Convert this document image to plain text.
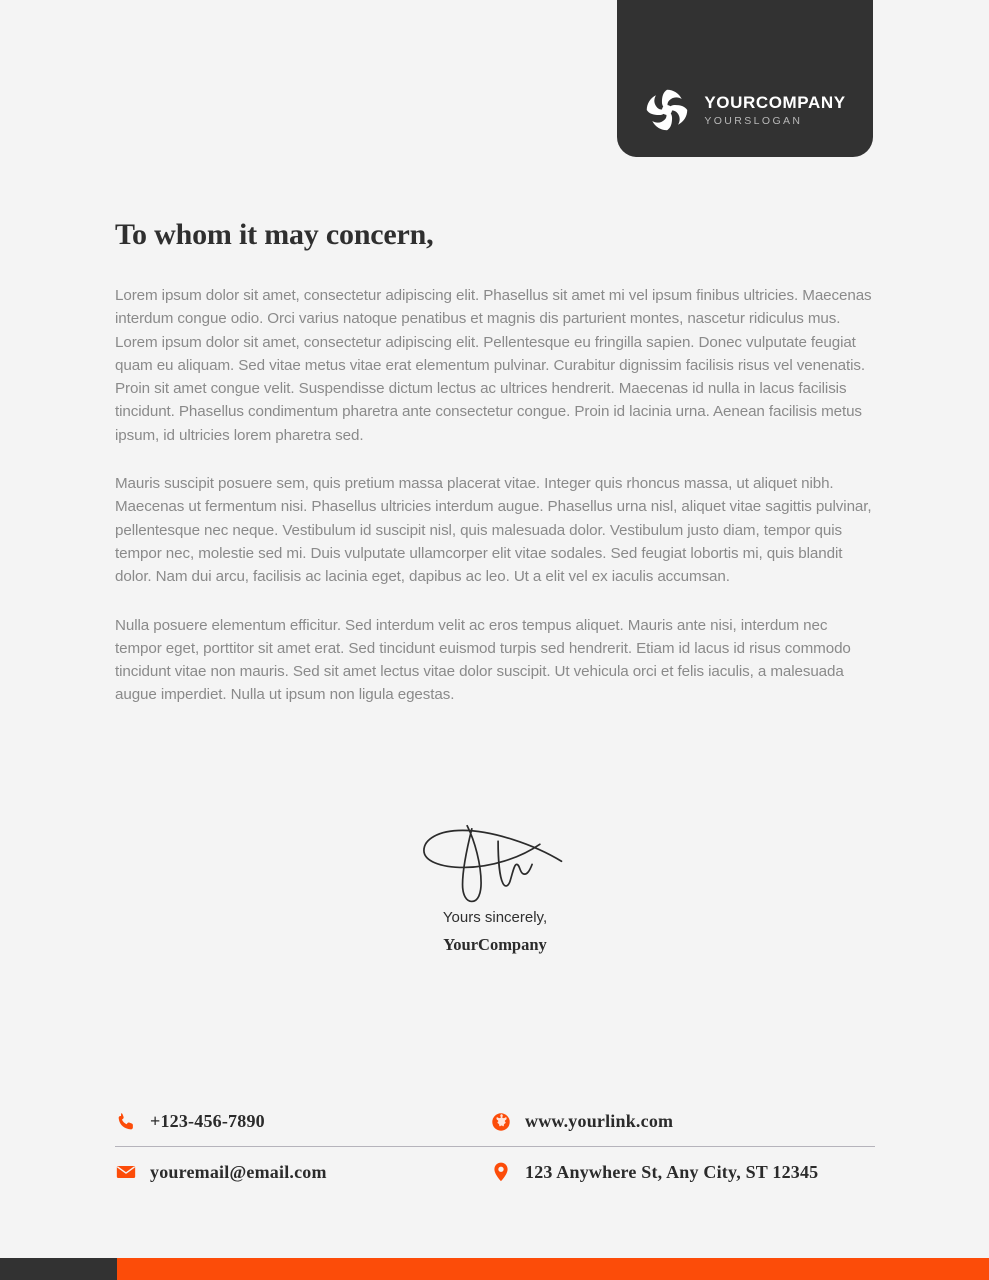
YOURCOMPANY
YOURSLOGAN
To whom it may concern,

Lorem ipsum dolor sit amet, consectetur adipiscing elit. Phasellus sit amet mi vel ipsum finibus ultricies. Maecenas interdum congue odio. Orci varius natoque penatibus et magnis dis parturient montes, nascetur ridiculus mus. Lorem ipsum dolor sit amet, consectetur adipiscing elit. Pellentesque eu fringilla sapien. Donec vulputate feugiat quam eu aliquam. Sed vitae metus vitae erat elementum pulvinar. Curabitur dignissim facilisis risus vel venenatis. Proin sit amet congue velit. Suspendisse dictum lectus ac ultrices hendrerit. Maecenas id nulla in lacus facilisis tincidunt. Phasellus condimentum pharetra ante consectetur congue. Proin id lacinia urna. Aenean facilisis metus ipsum, id ultricies lorem pharetra sed.

Mauris suscipit posuere sem, quis pretium massa placerat vitae. Integer quis rhoncus massa, ut aliquet nibh. Maecenas ut fermentum nisi. Phasellus ultricies interdum augue. Phasellus urna nisl, aliquet vitae sagittis pulvinar, pellentesque nec neque. Vestibulum id suscipit nisl, quis malesuada dolor. Vestibulum justo diam, tempor quis tempor nec, molestie sed mi. Duis vulputate ullamcorper elit vitae sodales. Sed feugiat lobortis mi, quis blandit dolor. Nam dui arcu, facilisis ac lacinia eget, dapibus ac leo. Ut a elit vel ex iaculis accumsan.

Nulla posuere elementum efficitur. Sed interdum velit ac eros tempus aliquet. Mauris ante nisi, interdum nec tempor eget, porttitor sit amet erat. Sed tincidunt euismod turpis sed hendrerit. Etiam id lacus id risus commodo tincidunt vitae non mauris. Sed sit amet lectus vitae dolor suscipit. Ut vehicula orci et felis iaculis, a malesuada augue imperdiet. Nulla ut ipsum non ligula egestas.

Yours sincerely,
YourCompany
+123-456-7890	www.yourlink.com
youremail@email.com	123 Anywhere St, Any City, ST 12345
